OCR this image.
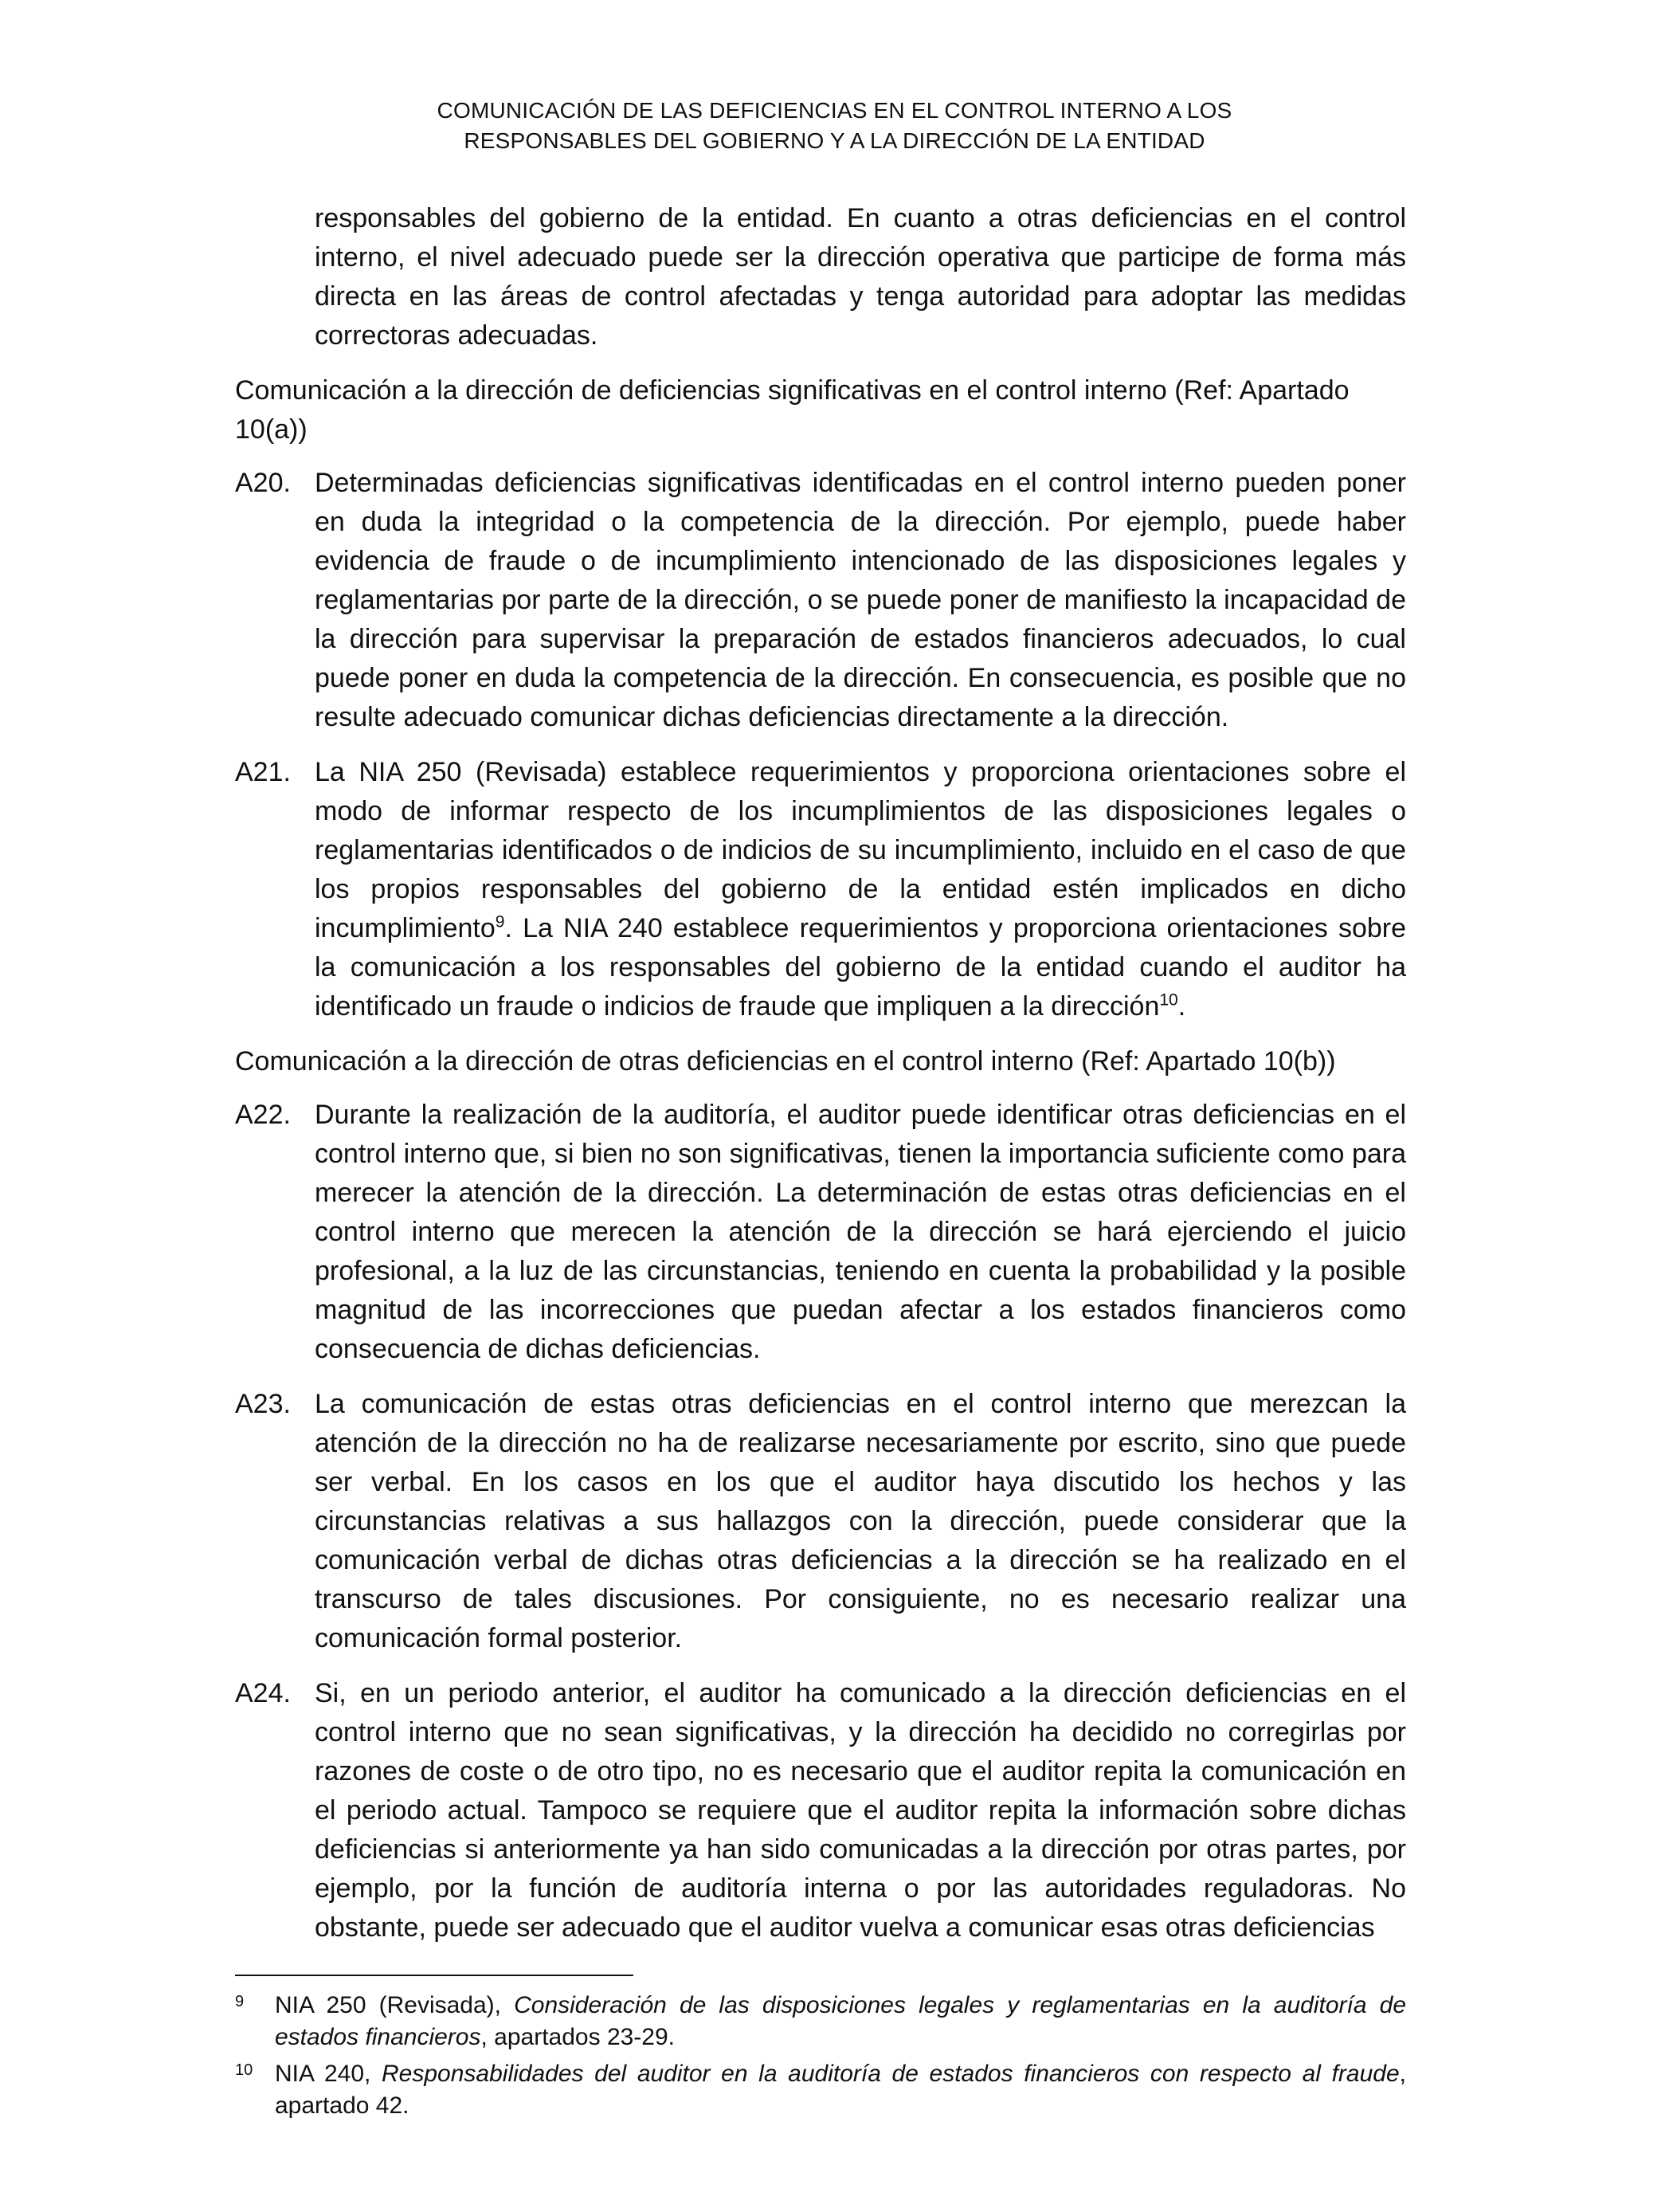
COMUNICACIÓN DE LAS DEFICIENCIAS EN EL CONTROL INTERNO A LOS
RESPONSABLES DEL GOBIERNO Y A LA DIRECCIÓN DE LA ENTIDAD
responsables del gobierno de la entidad. En cuanto a otras deficiencias en el control interno, el nivel adecuado puede ser la dirección operativa que participe de forma más directa en las áreas de control afectadas y tenga autoridad para adoptar las medidas correctoras adecuadas.
Comunicación a la dirección de deficiencias significativas en el control interno (Ref: Apartado 10(a))
A20. Determinadas deficiencias significativas identificadas en el control interno pueden poner en duda la integridad o la competencia de la dirección. Por ejemplo, puede haber evidencia de fraude o de incumplimiento intencionado de las disposiciones legales y reglamentarias por parte de la dirección, o se puede poner de manifiesto la incapacidad de la dirección para supervisar la preparación de estados financieros adecuados, lo cual puede poner en duda la competencia de la dirección. En consecuencia, es posible que no resulte adecuado comunicar dichas deficiencias directamente a la dirección.
A21. La NIA 250 (Revisada) establece requerimientos y proporciona orientaciones sobre el modo de informar respecto de los incumplimientos de las disposiciones legales o reglamentarias identificados o de indicios de su incumplimiento, incluido en el caso de que los propios responsables del gobierno de la entidad estén implicados en dicho incumplimiento$^9$. La NIA 240 establece requerimientos y proporciona orientaciones sobre la comunicación a los responsables del gobierno de la entidad cuando el auditor ha identificado un fraude o indicios de fraude que impliquen a la dirección$^{10}$.
Comunicación a la dirección de otras deficiencias en el control interno (Ref: Apartado 10(b))
A22. Durante la realización de la auditoría, el auditor puede identificar otras deficiencias en el control interno que, si bien no son significativas, tienen la importancia suficiente como para merecer la atención de la dirección. La determinación de estas otras deficiencias en el control interno que merecen la atención de la dirección se hará ejerciendo el juicio profesional, a la luz de las circunstancias, teniendo en cuenta la probabilidad y la posible magnitud de las incorrecciones que puedan afectar a los estados financieros como consecuencia de dichas deficiencias.
A23. La comunicación de estas otras deficiencias en el control interno que merezcan la atención de la dirección no ha de realizarse necesariamente por escrito, sino que puede ser verbal. En los casos en los que el auditor haya discutido los hechos y las circunstancias relativas a sus hallazgos con la dirección, puede considerar que la comunicación verbal de dichas otras deficiencias a la dirección se ha realizado en el transcurso de tales discusiones. Por consiguiente, no es necesario realizar una comunicación formal posterior.
A24. Si, en un periodo anterior, el auditor ha comunicado a la dirección deficiencias en el control interno que no sean significativas, y la dirección ha decidido no corregirlas por razones de coste o de otro tipo, no es necesario que el auditor repita la comunicación en el periodo actual. Tampoco se requiere que el auditor repita la información sobre dichas deficiencias si anteriormente ya han sido comunicadas a la dirección por otras partes, por ejemplo, por la función de auditoría interna o por las autoridades reguladoras. No obstante, puede ser adecuado que el auditor vuelva a comunicar esas otras deficiencias
9	NIA 250 (Revisada), Consideración de las disposiciones legales y reglamentarias en la auditoría de estados financieros, apartados 23-29.
10 NIA 240, Responsabilidades del auditor en la auditoría de estados financieros con respecto al fraude, apartado 42.
